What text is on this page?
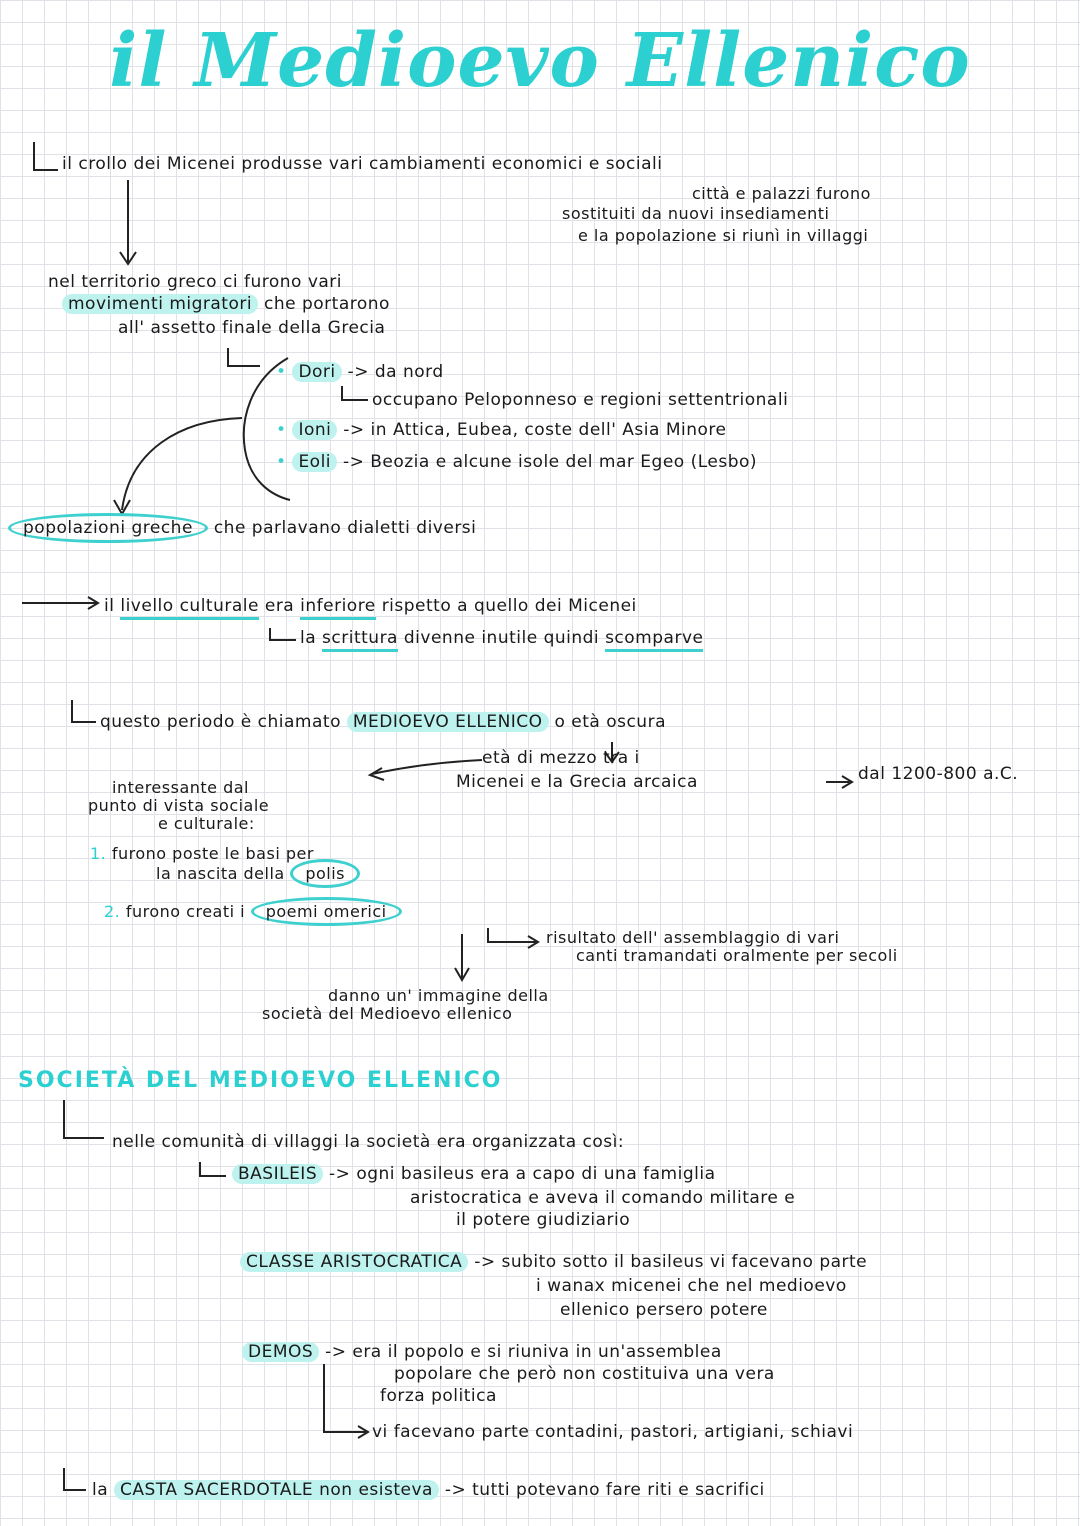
il Medioevo Ellenico
il crollo dei Micenei produsse vari cambiamenti economici e sociali
città e palazzi furono
sostituiti da nuovi insediamenti
e la popolazione si riunì in villaggi
nel territorio greco ci furono vari
movimenti migratori che portarono
all' assetto finale della Grecia
• Dori -> da nord
occupano Peloponneso e regioni settentrionali
• Ioni -> in Attica, Eubea, coste dell' Asia Minore
• Eoli -> Beozia e alcune isole del mar Egeo (Lesbo)
popolazioni greche che parlavano dialetti diversi
il livello culturale era inferiore rispetto a quello dei Micenei
la scrittura divenne inutile quindi scomparve
questo periodo è chiamato MEDIOEVO ELLENICO o età oscura
età di mezzo tra i
Micenei e la Grecia arcaica	dal 1200-800 a.C.
interessante dal
punto di vista sociale
e culturale:
1. furono poste le basi per
la nascita della polis
2. furono creati i poemi omerici
risultato dell' assemblaggio di vari
canti tramandati oralmente per secoli
danno un' immagine della
società del Medioevo ellenico
SOCIETÀ DEL MEDIOEVO ELLENICO
nelle comunità di villaggi la società era organizzata così:
BASILEIS -> ogni basileus era a capo di una famiglia
aristocratica e aveva il comando militare e
il potere giudiziario
CLASSE ARISTOCRATICA -> subito sotto il basileus vi facevano parte
i wanax micenei che nel medioevo
ellenico persero potere
DEMOS -> era il popolo e si riuniva in un'assemblea
popolare che però non costituiva una vera
forza politica
vi facevano parte contadini, pastori, artigiani, schiavi
la CASTA SACERDOTALE non esisteva -> tutti potevano fare riti e sacrifici
